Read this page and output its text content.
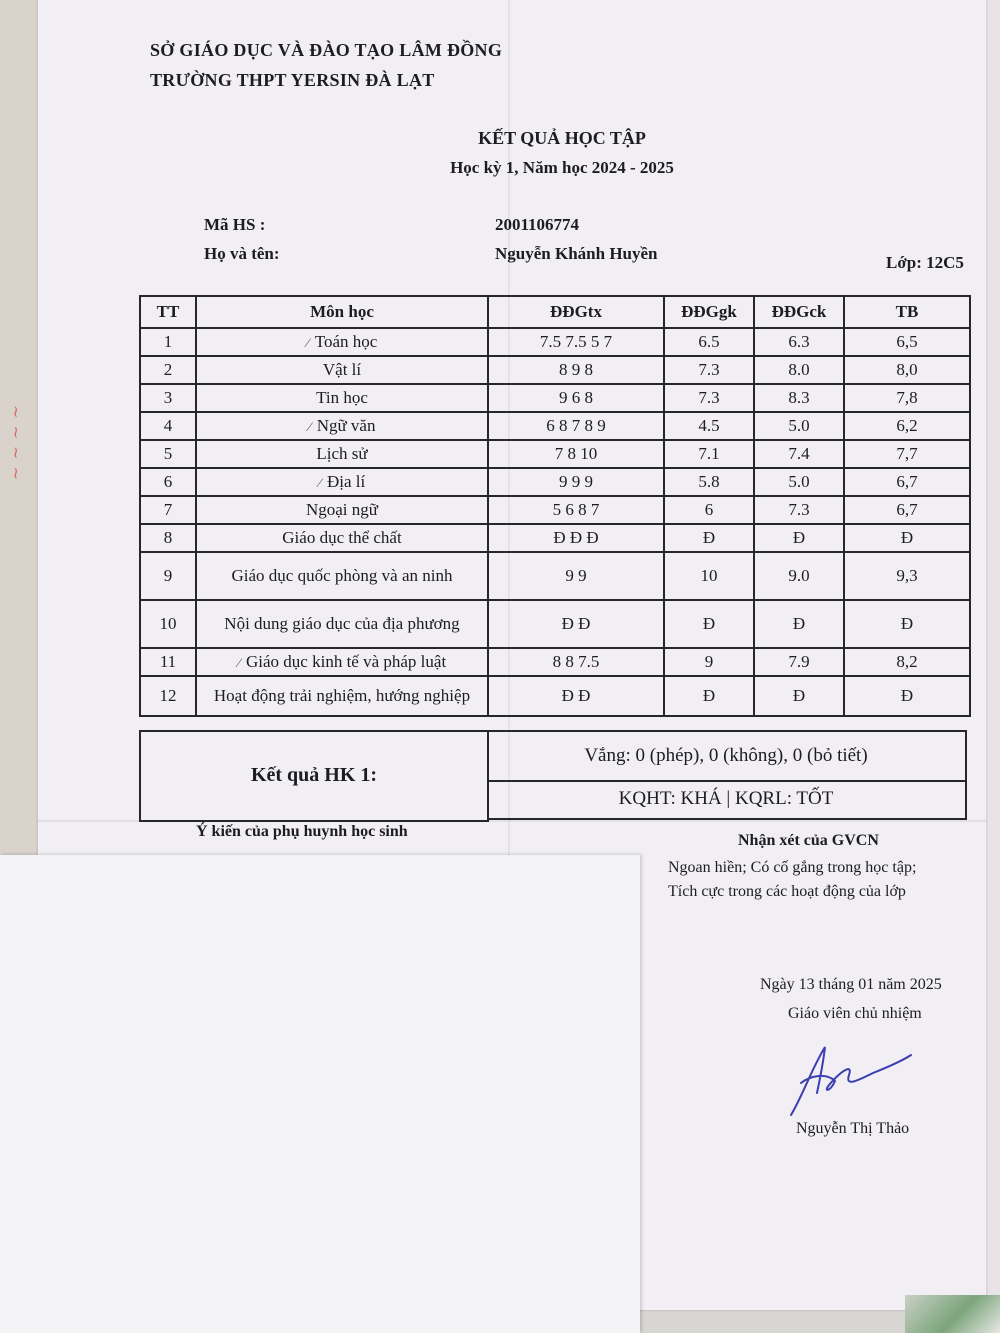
~ ~ ~ ~
SỞ GIÁO DỤC VÀ ĐÀO TẠO LÂM ĐỒNG
TRƯỜNG THPT YERSIN ĐÀ LẠT
KẾT QUẢ HỌC TẬP
Học kỳ 1, Năm học 2024 - 2025
Mã HS :	2001106774
Họ và tên:	Nguyễn Khánh Huyền	Lớp: 12C5
TT	Môn học	ĐĐGtx	ĐĐGgk	ĐĐGck	TB
1	⁄ Toán học	7.5 7.5 5 7	6.5	6.3	6,5
2	Vật lí	8 9 8	7.3	8.0	8,0
3	Tin học	9 6 8	7.3	8.3	7,8
4	⁄ Ngữ văn	6 8 7 8 9	4.5	5.0	6,2
5	Lịch sử	7 8 10	7.1	7.4	7,7
6	⁄ Địa lí	9 9 9	5.8	5.0	6,7
7	Ngoại ngữ	5 6 8 7	6	7.3	6,7
8	Giáo dục thể chất	Đ Đ Đ	Đ	Đ	Đ
9	Giáo dục quốc phòng và an ninh	9 9	10	9.0	9,3
10	Nội dung giáo dục của địa phương	Đ Đ	Đ	Đ	Đ
11	⁄ Giáo dục kinh tế và pháp luật	8 8 7.5	9	7.9	8,2
12	Hoạt động trải nghiệm, hướng nghiệp	Đ Đ	Đ	Đ	Đ
Kết quả HK 1:
Vắng: 0 (phép), 0 (không), 0 (bỏ tiết)
KQHT: KHÁ | KQRL: TỐT
Ý kiến của phụ huynh học sinh
Nhận xét của GVCN
Ngoan hiền; Có cố gắng trong học tập;
Tích cực trong các hoạt động của lớp
Ngày 13 tháng 01 năm 2025
Giáo viên chủ nhiệm
Nguyễn Thị Thảo
